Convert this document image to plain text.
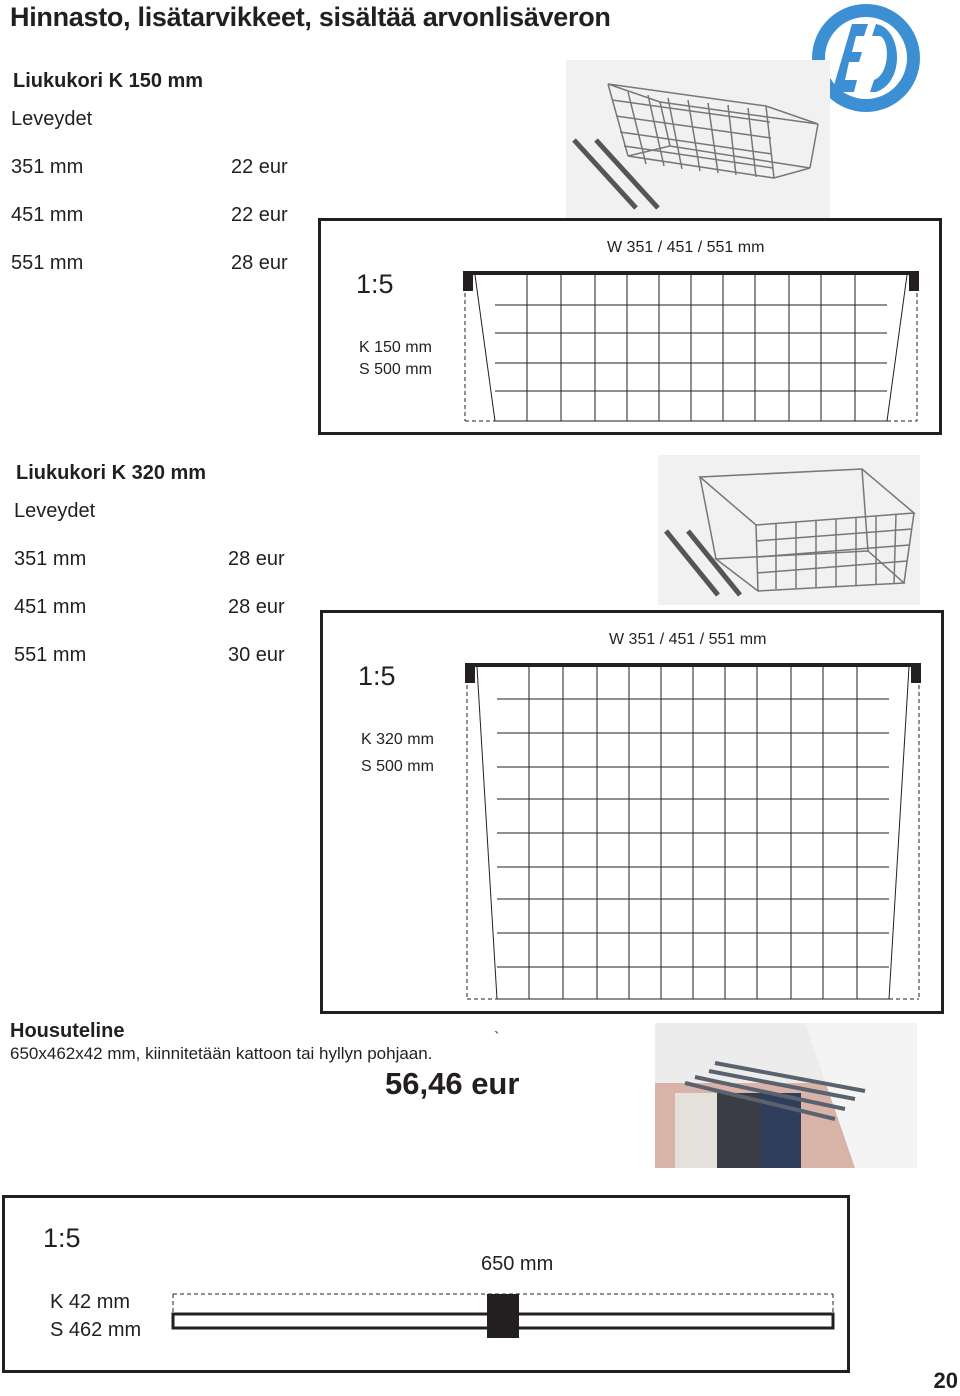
Hinnasto, lisätarvikkeet, sisältää arvonlisäveron
Liukukori K 150 mm
Leveydet
351 mm	22 eur
451 mm	22 eur
551 mm	28 eur
1:5
W 351 / 451 / 551 mm
K 150 mm
S 500 mm
Liukukori K 320 mm
Leveydet
351 mm	28 eur
451 mm	28 eur
551 mm	30 eur
1:5
W 351 / 451 / 551 mm
K 320 mm
S 500 mm
Housuteline
650x462x42 mm, kiinnitetään kattoon tai hyllyn pohjaan.
`
56,46 eur
1:5
650 mm
K 42 mm
S 462 mm
20
